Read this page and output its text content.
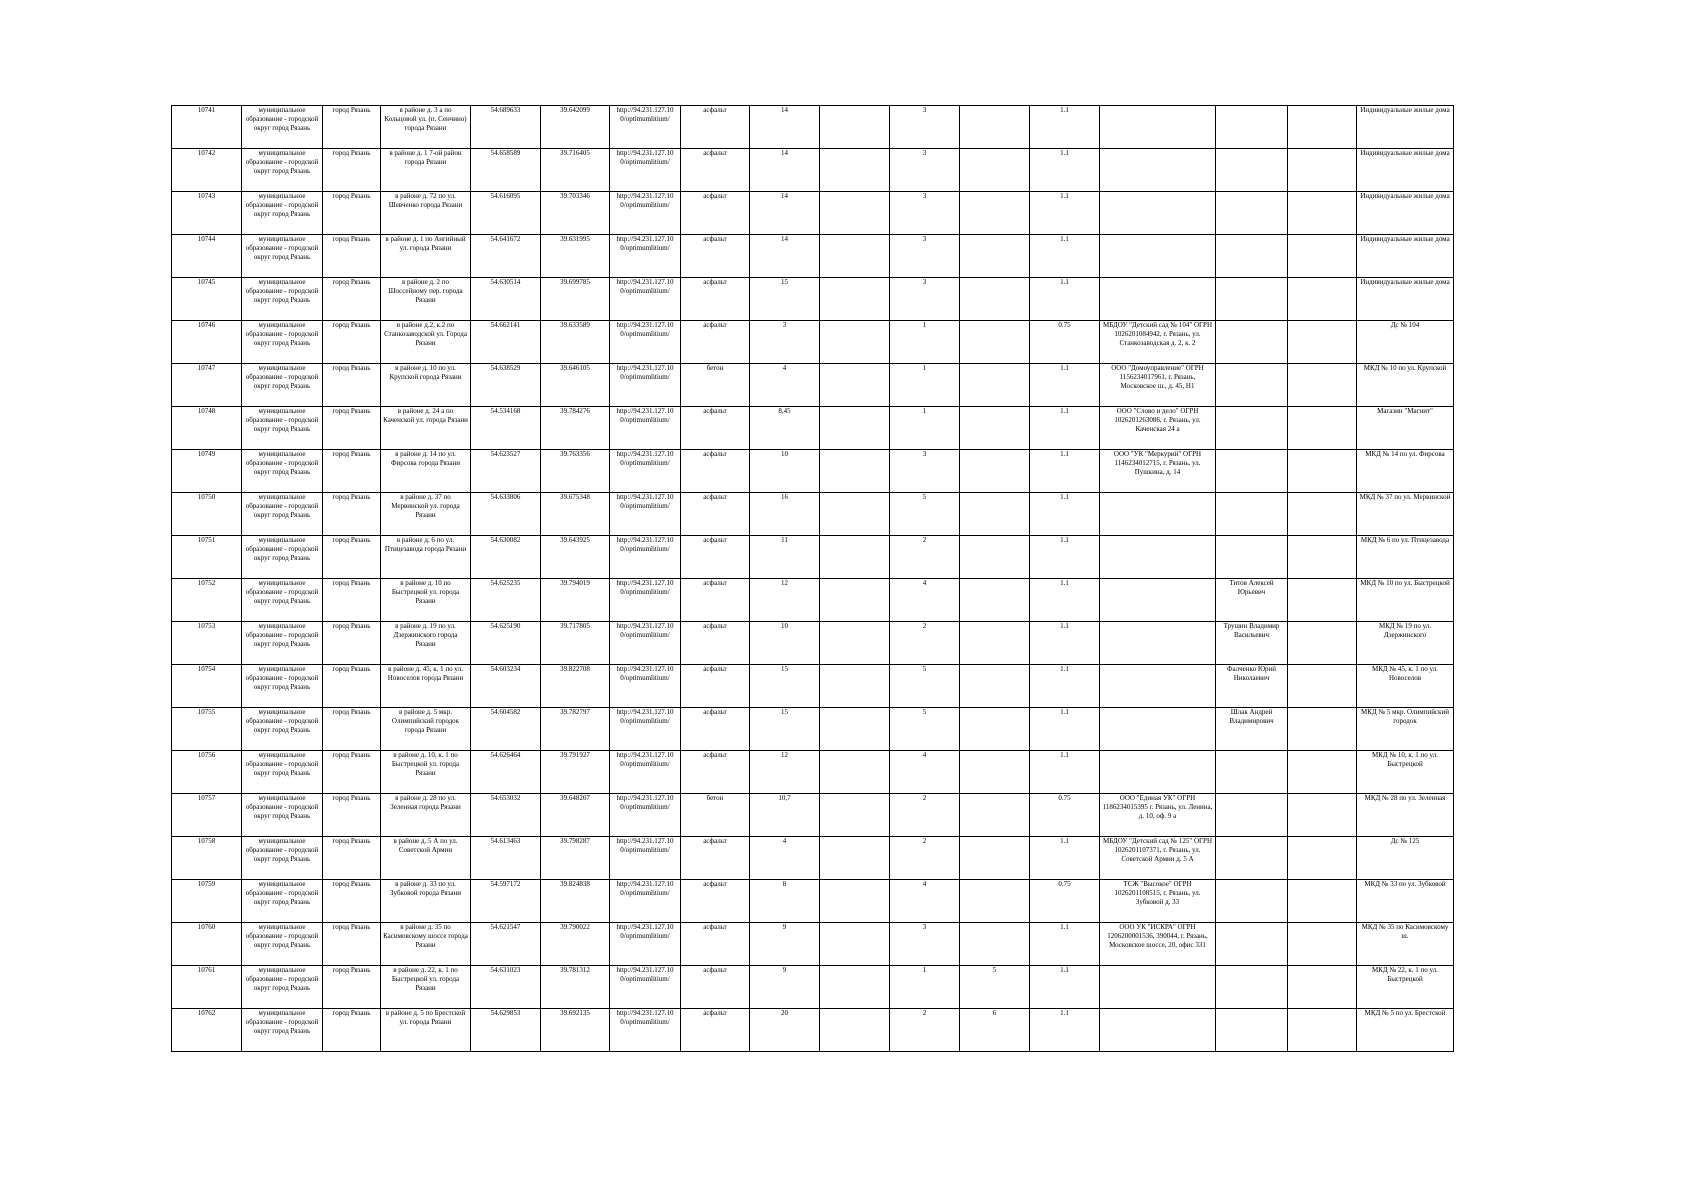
10741	муниципальное образование - городской округ город Рязань	город Рязань	в районе д. 3 а по Кольцовой ул. (п. Сенчино) города Рязани	54.689633	39.642099	http://94.231.127.10 0/optimumlitium/	асфальт	14		3		1.1				Индивидуальные жилые дома
10742	муниципальное образование - городской округ город Рязань	город Рязань	в районе д. 1 7-ой район города Рязани	54.658589	39.716405	http://94.231.127.10 0/optimumlitium/	асфальт	14		3		1.1				Индивидуальные жилые дома
10743	муниципальное образование - городской округ город Рязань	город Рязань	в районе д. 72 по ул. Шевченко города Рязани	54.616095	39.703346	http://94.231.127.10 0/optimumlitium/	асфальт	14		3		1.1				Индивидуальные жилые дома
10744	муниципальное образование - городской округ город Рязань	город Рязань	в районе д. 1 по Ангийный ул. города Рязани	54.641672	39.631995	http://94.231.127.10 0/optimumlitium/	асфальт	14		3		1.1				Индивидуальные жилые дома
10745	муниципальное образование - городской округ город Рязань	город Рязань	в районе д. 2 по Шоссейному пер. города Рязани	54.630514	39.699785	http://94.231.127.10 0/optimumlitium/	асфальт	15		3		1.1				Индивидуальные жилые дома
10746	муниципальное образование - городской округ город Рязань	город Рязань	в районе д.2, к.2 по Станкозаводской ул. Города Рязани	54.662141	39.633589	http://94.231.127.10 0/optimumlitium/	асфальт	3		1		0.75	МБДОУ "Детский сад № 104" ОГРН 1026201084942, г. Рязань, ул. Станкозаводская д. 2, к. 2			Дс № 104
10747	муниципальное образование - городской округ город Рязань	город Рязань	в районе д. 10 по ул. Крупской города Рязани	54.638529	39.646105	http://94.231.127.10 0/optimumlitium/	бетон	4		1		1.1	ООО "Домоуправление" ОГРН 1156234017961, г. Рязань, Московское ш., д. 45, Н1			МКД № 10 по ул. Крупской
10748	муниципальное образование - городской округ город Рязань	город Рязань	в районе д. 24 а по Каченской ул. города Рязани	54.534168	39.784276	http://94.231.127.10 0/optimumlitium/	асфальт	8,45		1		1.1	ООО "Слово и дело" ОГРН 1026201263086, г. Рязань, ул. Каченская 24 а			Магазин "Магнит"
10749	муниципальное образование - городской округ город Рязань	город Рязань	в районе д. 14 по ул. Фирсова города Рязани	54.623527	39.763356	http://94.231.127.10 0/optimumlitium/	асфальт	10		3		1.1	ООО "УК "Меркурий" ОГРН 1146234012715, г. Рязань, ул. Пушкина, д. 14			МКД № 14 по ул. Фирсова
10750	муниципальное образование - городской округ город Рязань	город Рязань	в районе д. 37 по Мервинской ул. города Рязани	54.633806	39.675348	http://94.231.127.10 0/optimumlitium/	асфальт	16		5		1.1				МКД № 37 по ул. Мервинской
10751	муниципальное образование - городской округ город Рязань	город Рязань	в районе д. 6 по ул. Птицезавода города Рязани	54.630082	39.643925	http://94.231.127.10 0/optimumlitium/	асфальт	11		2		1.1				МКД № 6 по ул. Птицезавода
10752	муниципальное образование - городской округ город Рязань	город Рязань	в районе д. 10 по Быстрецкой ул. города Рязани	54.625235	39.794019	http://94.231.127.10 0/optimumlitium/	асфальт	12		4		1.1		Титов Алексей Юрьевич		МКД № 10 по ул. Быстрецкой
10753	муниципальное образование - городской округ город Рязань	город Рязань	в районе д. 19 по ул. Дзержинского города Рязани	54.625190	39.717805	http://94.231.127.10 0/optimumlitium/	асфальт	10		2		1.1		Трушин Владимир Васильевич		МКД № 19 по ул. Дзержинского
10754	муниципальное образование - городской округ город Рязань	город Рязань	в районе д. 45, к. 1 по ул. Новоселов города Рязани	54.603234	39.822708	http://94.231.127.10 0/optimumlitium/	асфальт	15		5		1.1		Фалченко Юрий Николаевич		МКД № 45, к. 1 по ул. Новоселов
10755	муниципальное образование - городской округ город Рязань	город Рязань	в районе д. 5 мкр. Олимпийский городок города Рязани	54.604582	39.782797	http://94.231.127.10 0/optimumlitium/	асфальт	15		5		1.1		Шлак Андрей Владимирович		МКД № 5 мкр. Олимпийский городок
10756	муниципальное образование - городской округ город Рязань	город Рязань	в районе д. 10, к. 1 по Быстрецкой ул. города Рязани	54.626464	39.791927	http://94.231.127.10 0/optimumlitium/	асфальт	12		4		1.1				МКД № 10, к. 1 по ул. Быстрецкой
10757	муниципальное образование - городской округ город Рязань	город Рязань	в районе д. 28 по ул. Зеленная города Рязани	54.653032	39.648267	http://94.231.127.10 0/optimumlitium/	бетон	10,7		2		0.75	ООО "Единая УК" ОГРН 1186234015395 г. Рязань, ул. Ленина, д. 10, оф. 9 а			МКД № 28 по ул. Зеленная
10758	муниципальное образование - городской округ город Рязань	город Рязань	в районе д. 5 А по ул. Советской Армии	54.613463	39.798287	http://94.231.127.10 0/optimumlitium/	асфальт	4		2		1.1	МБДОУ "Детский сад № 125" ОГРН 1026201107371, г. Рязань, ул. Советской Армии д. 5 А			Дс № 125
10759	муниципальное образование - городской округ город Рязань	город Рязань	в районе д. 33 по ул. Зубковой города Рязани	54.597172	39.824838	http://94.231.127.10 0/optimumlitium/	асфальт	8		4		0.75	ТСЖ "Высокое" ОГРН 1026201108515, г. Рязань, ул. Зубковой д. 33			МКД № 33 по ул. Зубковой
10760	муниципальное образование - городской округ город Рязань	город Рязань	в районе д. 35 по Касимовскому шоссе города Рязани	54.621547	39.790022	http://94.231.127.10 0/optimumlitium/	асфальт	9		3		1.1	ООО УК "ИСКРА" ОГРН 1206200001536, 390044, г. Рязань, Московское шоссе, 20, офис 331			МКД № 35 по Касимовскому ш.
10761	муниципальное образование - городской округ город Рязань	город Рязань	в районе д. 22, к. 1 по Быстрецкой ул. города Рязани	54.631023	39.781312	http://94.231.127.10 0/optimumlitium/	асфальт	9		1	5	1.1				МКД № 22, к. 1 по ул. Быстрецкой
10762	муниципальное образование - городской округ город Рязань	город Рязань	в районе д. 5 по Брестской ул. города Рязани	54.629853	39.692135	http://94.231.127.10 0/optimumlitium/	асфальт	20		2	6	1.1				МКД № 5 по ул. Брестской
